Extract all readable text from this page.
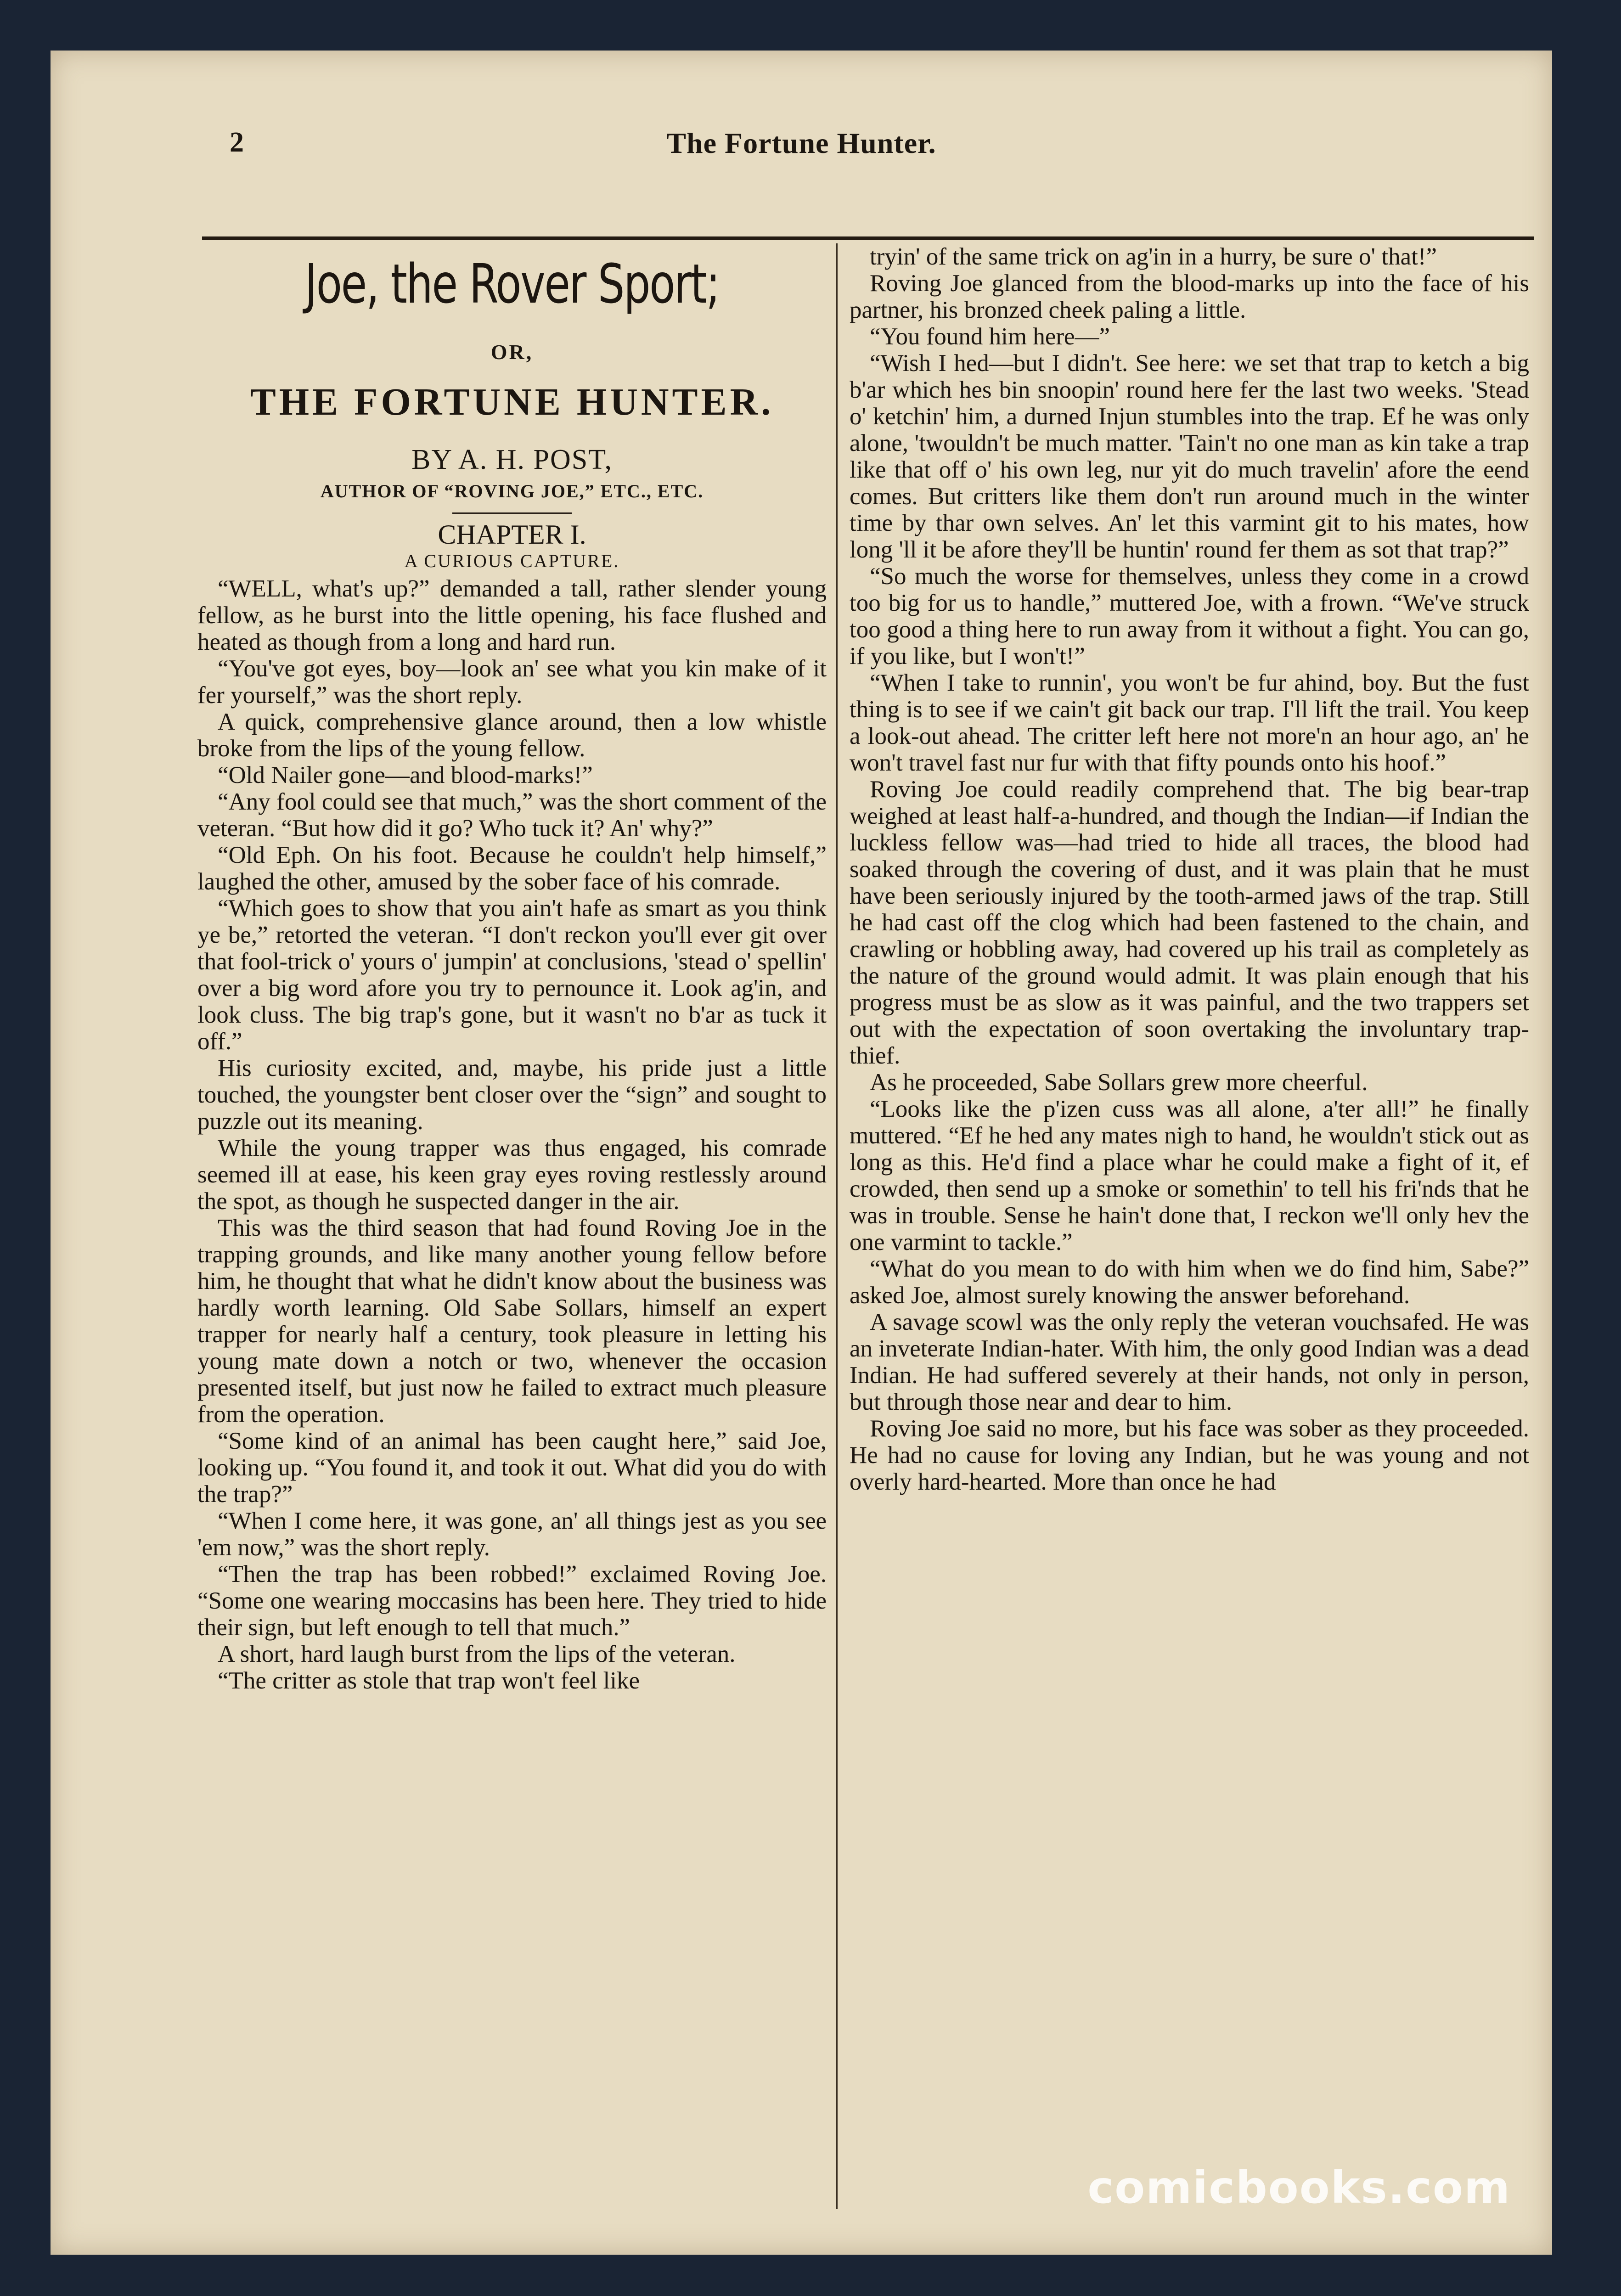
2	The Fortune Hunter.
Joe, the Rover Sport;
OR,
THE FORTUNE HUNTER.
BY A. H. POST,
AUTHOR OF “ROVING JOE,” ETC., ETC.
CHAPTER I.
A CURIOUS CAPTURE.

“WELL, what's up?” demanded a tall, rather slender young fellow, as he burst into the little opening, his face flushed and heated as though from a long and hard run.

“You've got eyes, boy—look an' see what you kin make of it fer yourself,” was the short reply.

A quick, comprehensive glance around, then a low whistle broke from the lips of the young fellow.

“Old Nailer gone—and blood-marks!”

“Any fool could see that much,” was the short comment of the veteran. “But how did it go? Who tuck it? An' why?”

“Old Eph. On his foot. Because he couldn't help himself,” laughed the other, amused by the sober face of his comrade.

“Which goes to show that you ain't hafe as smart as you think ye be,” retorted the veteran. “I don't reckon you'll ever git over that fool-trick o' yours o' jumpin' at conclusions, 'stead o' spellin' over a big word afore you try to pernounce it. Look ag'in, and look cluss. The big trap's gone, but it wasn't no b'ar as tuck it off.”

His curiosity excited, and, maybe, his pride just a little touched, the youngster bent closer over the “sign” and sought to puzzle out its meaning.

While the young trapper was thus engaged, his comrade seemed ill at ease, his keen gray eyes roving restlessly around the spot, as though he suspected danger in the air.

This was the third season that had found Roving Joe in the trapping grounds, and like many another young fellow before him, he thought that what he didn't know about the business was hardly worth learning. Old Sabe Sollars, himself an expert trapper for nearly half a century, took pleasure in letting his young mate down a notch or two, whenever the occasion presented itself, but just now he failed to extract much pleasure from the operation.

“Some kind of an animal has been caught here,” said Joe, looking up. “You found it, and took it out. What did you do with the trap?”

“When I come here, it was gone, an' all things jest as you see 'em now,” was the short reply.

“Then the trap has been robbed!” exclaimed Roving Joe. “Some one wearing moccasins has been here. They tried to hide their sign, but left enough to tell that much.”

A short, hard laugh burst from the lips of the veteran.

“The critter as stole that trap won't feel like

tryin' of the same trick on ag'in in a hurry, be sure o' that!”

Roving Joe glanced from the blood-marks up into the face of his partner, his bronzed cheek paling a little.

“You found him here—”

“Wish I hed—but I didn't. See here: we set that trap to ketch a big b'ar which hes bin snoopin' round here fer the last two weeks. 'Stead o' ketchin' him, a durned Injun stumbles into the trap. Ef he was only alone, 'twouldn't be much matter. 'Tain't no one man as kin take a trap like that off o' his own leg, nur yit do much travelin' afore the eend comes. But critters like them don't run around much in the winter time by thar own selves. An' let this varmint git to his mates, how long 'll it be afore they'll be huntin' round fer them as sot that trap?”

“So much the worse for themselves, unless they come in a crowd too big for us to handle,” muttered Joe, with a frown. “We've struck too good a thing here to run away from it without a fight. You can go, if you like, but I won't!”

“When I take to runnin', you won't be fur ahind, boy. But the fust thing is to see if we cain't git back our trap. I'll lift the trail. You keep a look-out ahead. The critter left here not more'n an hour ago, an' he won't travel fast nur fur with that fifty pounds onto his hoof.”

Roving Joe could readily comprehend that. The big bear-trap weighed at least half-a-hundred, and though the Indian—if Indian the luckless fellow was—had tried to hide all traces, the blood had soaked through the covering of dust, and it was plain that he must have been seriously injured by the tooth-armed jaws of the trap. Still he had cast off the clog which had been fastened to the chain, and crawling or hobbling away, had covered up his trail as completely as the nature of the ground would admit. It was plain enough that his progress must be as slow as it was painful, and the two trappers set out with the expectation of soon overtaking the involuntary trap-thief.

As he proceeded, Sabe Sollars grew more cheerful.

“Looks like the p'izen cuss was all alone, a'ter all!” he finally muttered. “Ef he hed any mates nigh to hand, he wouldn't stick out as long as this. He'd find a place whar he could make a fight of it, ef crowded, then send up a smoke or somethin' to tell his fri'nds that he was in trouble. Sense he hain't done that, I reckon we'll only hev the one varmint to tackle.”

“What do you mean to do with him when we do find him, Sabe?” asked Joe, almost surely knowing the answer beforehand.

A savage scowl was the only reply the veteran vouchsafed. He was an inveterate Indian-hater. With him, the only good Indian was a dead Indian. He had suffered severely at their hands, not only in person, but through those near and dear to him.

Roving Joe said no more, but his face was sober as they proceeded. He had no cause for loving any Indian, but he was young and not overly hard-hearted. More than once he had

comicbooks.com
